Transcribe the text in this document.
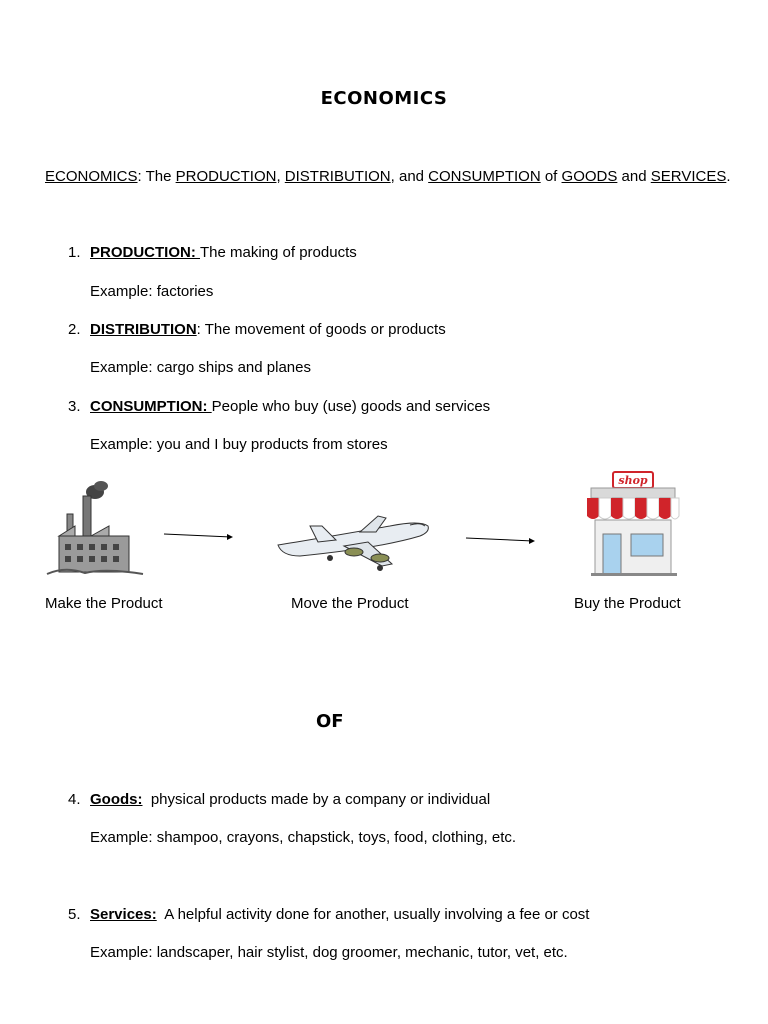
ECONOMICS
ECONOMICS: The PRODUCTION, DISTRIBUTION, and CONSUMPTION of GOODS and SERVICES.
1. PRODUCTION: The making of products
Example: factories
2. DISTRIBUTION: The movement of goods or products
Example: cargo ships and planes
3. CONSUMPTION: People who buy (use) goods and services
Example: you and I buy products from stores
shop
Make the Product	Move the Product	Buy the Product
OF
4. Goods:  physical products made by a company or individual
Example: shampoo, crayons, chapstick, toys, food, clothing, etc.
5. Services:  A helpful activity done for another, usually involving a fee or cost
Example: landscaper, hair stylist, dog groomer, mechanic, tutor, vet, etc.
